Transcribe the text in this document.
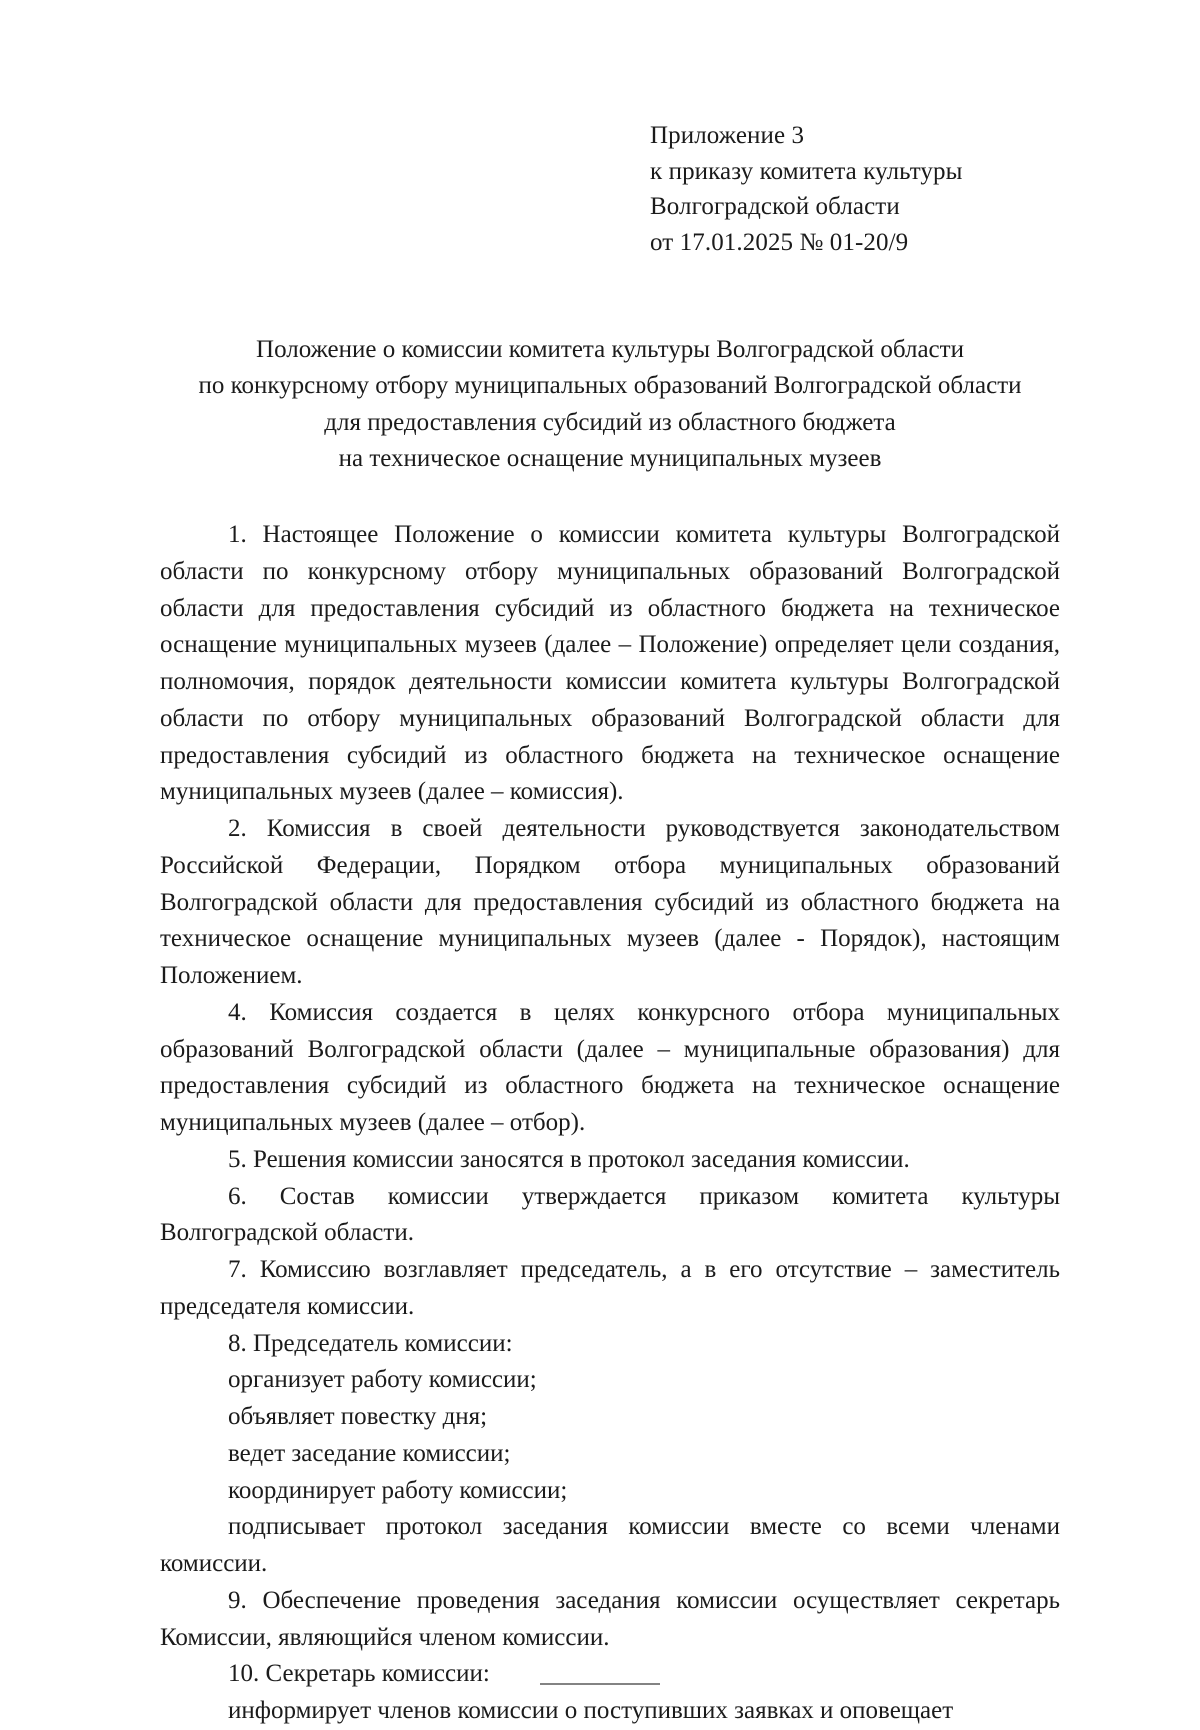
Приложение 3
к приказу комитета культуры
Волгоградской области
от 17.01.2025 № 01-20/9
Положение о комиссии комитета культуры Волгоградской области
по конкурсному отбору муниципальных образований Волгоградской области
для предоставления субсидий из областного бюджета
на техническое оснащение муниципальных музеев

1. Настоящее Положение о комиссии комитета культуры Волгоградской области по конкурсному отбору муниципальных образований Волгоградской области для предоставления субсидий из областного бюджета на техническое оснащение муниципальных музеев (далее – Положение) определяет цели создания, полномочия, порядок деятельности комиссии комитета культуры Волгоградской области по отбору муниципальных образований Волгоградской области для предоставления субсидий из областного бюджета на техническое оснащение муниципальных музеев (далее – комиссия).

2. Комиссия в своей деятельности руководствуется законодательством Российской Федерации, Порядком отбора муниципальных образований Волгоградской области для предоставления субсидий из областного бюджета на техническое оснащение муниципальных музеев (далее - Порядок), настоящим Положением.

4. Комиссия создается в целях конкурсного отбора муниципальных образований Волгоградской области (далее – муниципальные образования) для предоставления субсидий из областного бюджета на техническое оснащение муниципальных музеев (далее – отбор).

5. Решения комиссии заносятся в протокол заседания комиссии.

6. Состав комиссии утверждается приказом комитета культуры Волгоградской области.

7. Комиссию возглавляет председатель, а в его отсутствие – заместитель председателя комиссии.

8. Председатель комиссии:

организует работу комиссии;

объявляет повестку дня;

ведет заседание комиссии;

координирует работу комиссии;

подписывает протокол заседания комиссии вместе со всеми членами комиссии.

9. Обеспечение проведения заседания комиссии осуществляет секретарь Комиссии, являющийся членом комиссии.

10. Секретарь комиссии:

информирует членов комиссии о поступивших заявках и оповещает
